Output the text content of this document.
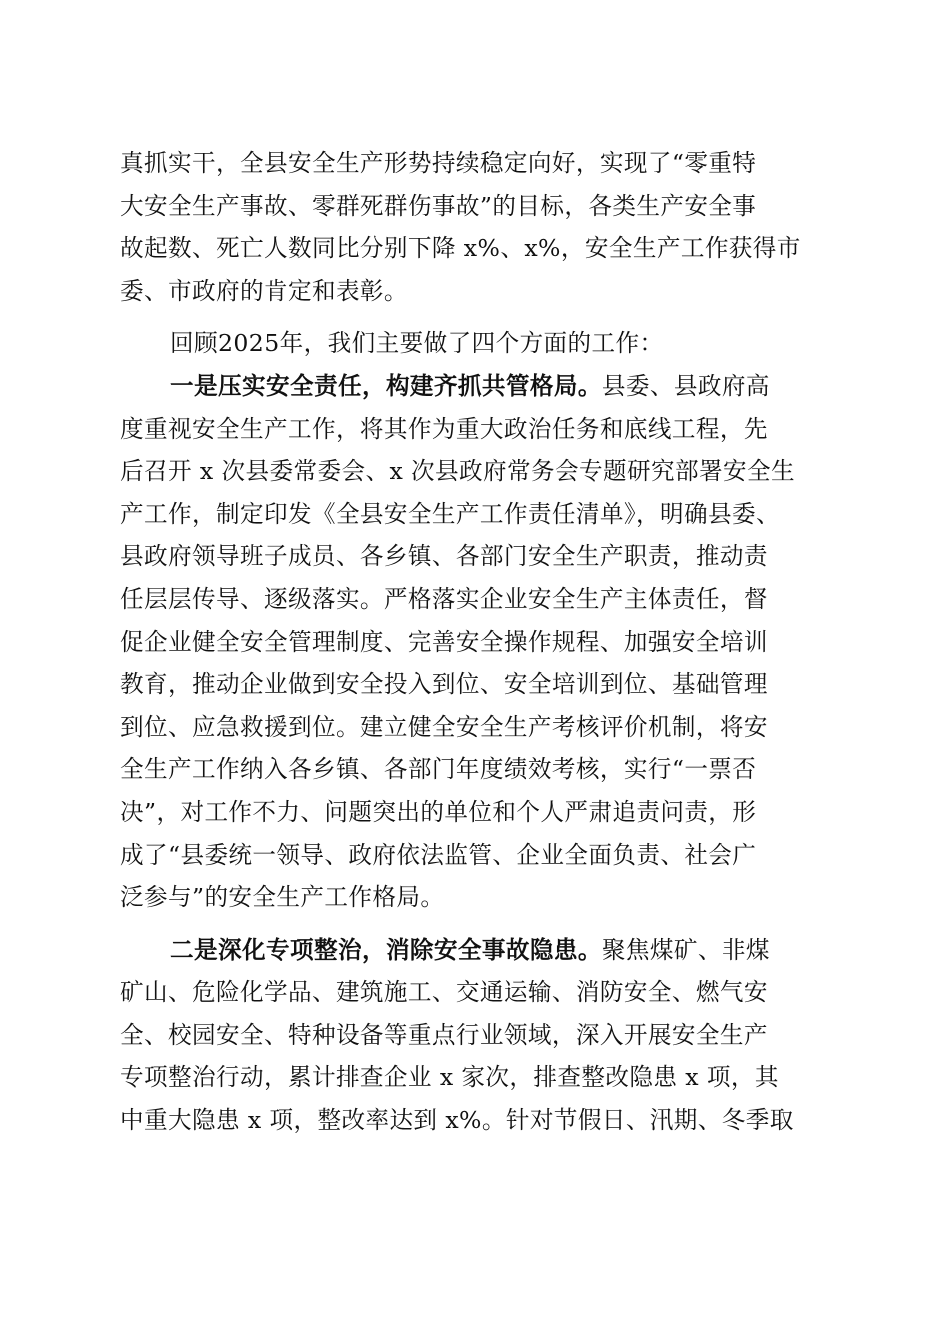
真抓实干，全县安全生产形势持续稳定向好，实现了“零重特
大安全生产事故、零群死群伤事故”的目标，各类生产安全事
故起数、死亡人数同比分别下降 x%、x%，安全生产工作获得市
委、市政府的肯定和表彰。
回顾2025年，我们主要做了四个方面的工作：
一是压实安全责任，构建齐抓共管格局。县委、县政府高
度重视安全生产工作，将其作为重大政治任务和底线工程，先
后召开 x 次县委常委会、x 次县政府常务会专题研究部署安全生
产工作，制定印发《全县安全生产工作责任清单》，明确县委、
县政府领导班子成员、各乡镇、各部门安全生产职责，推动责
任层层传导、逐级落实。严格落实企业安全生产主体责任，督
促企业健全安全管理制度、完善安全操作规程、加强安全培训
教育，推动企业做到安全投入到位、安全培训到位、基础管理
到位、应急救援到位。建立健全安全生产考核评价机制，将安
全生产工作纳入各乡镇、各部门年度绩效考核，实行“一票否
决”，对工作不力、问题突出的单位和个人严肃追责问责，形
成了“县委统一领导、政府依法监管、企业全面负责、社会广
泛参与”的安全生产工作格局。
二是深化专项整治，消除安全事故隐患。聚焦煤矿、非煤
矿山、危险化学品、建筑施工、交通运输、消防安全、燃气安
全、校园安全、特种设备等重点行业领域，深入开展安全生产
专项整治行动，累计排查企业 x 家次，排查整改隐患 x 项，其
中重大隐患 x 项，整改率达到 x%。针对节假日、汛期、冬季取
